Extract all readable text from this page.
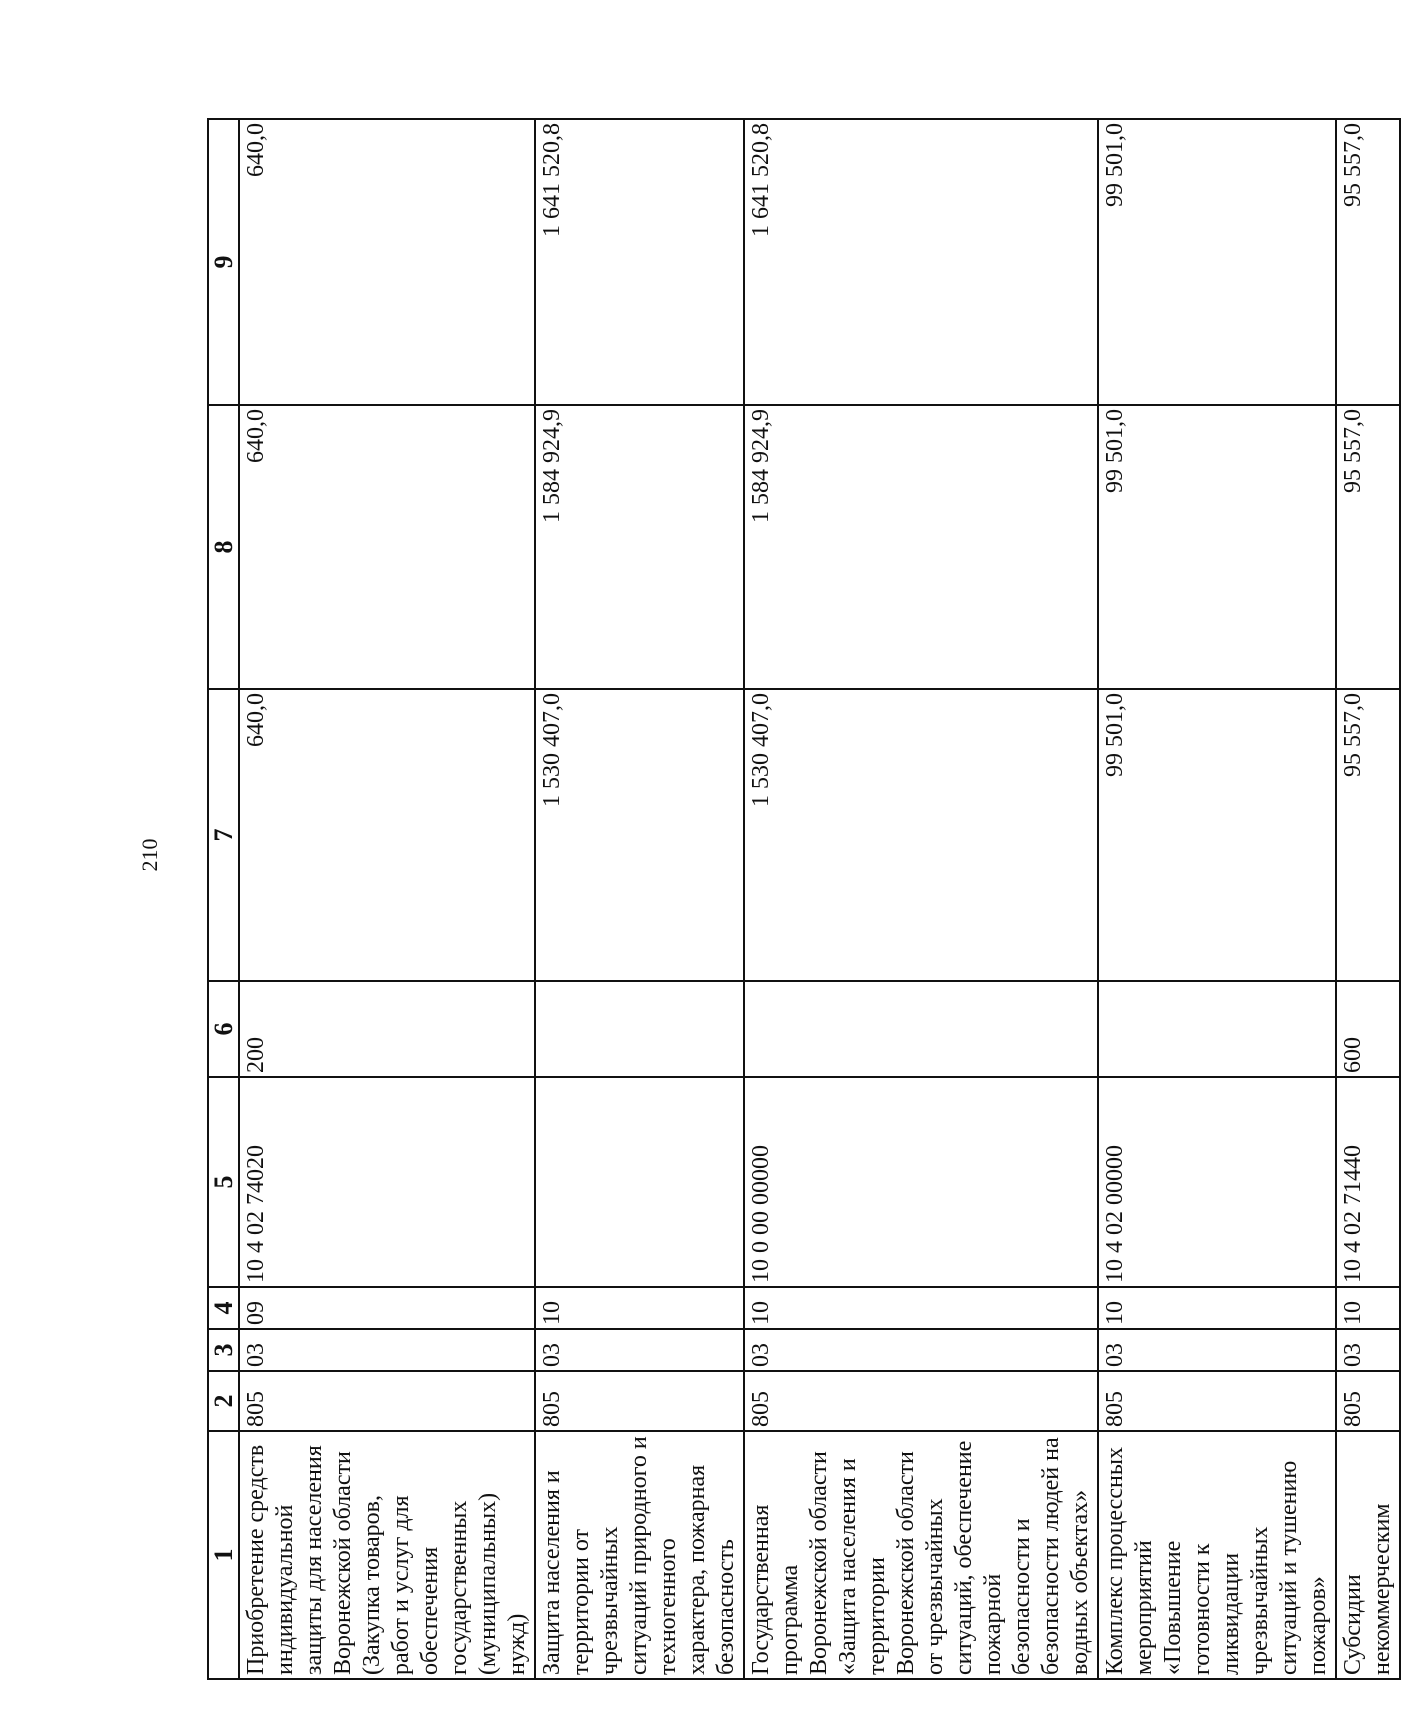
210
1	2	3	4	5	6	7	8	9
Приобретение средств индивидуальной защиты для населения Воронежской области (Закупка товаров, работ и услуг для обеспечения государственных (муниципальных) нужд)	805	03	09	10 4 02 74020	200	640,0	640,0	640,0
Защита населения и территории от чрезвычайных ситуаций природного и техногенного характера, пожарная безопасность	805	03	10			1 530 407,0	1 584 924,9	1 641 520,8
Государственная программа Воронежской области «Защита населения и территории Воронежской области от чрезвычайных ситуаций, обеспечение пожарной безопасности и безопасности людей на водных объектах»	805	03	10	10 0 00 00000		1 530 407,0	1 584 924,9	1 641 520,8
Комплекс процессных мероприятий «Повышение готовности к ликвидации чрезвычайных ситуаций и тушению пожаров»	805	03	10	10 4 02 00000		99 501,0	99 501,0	99 501,0
Субсидии некоммерческим	805	03	10	10 4 02 71440	600	95 557,0	95 557,0	95 557,0
